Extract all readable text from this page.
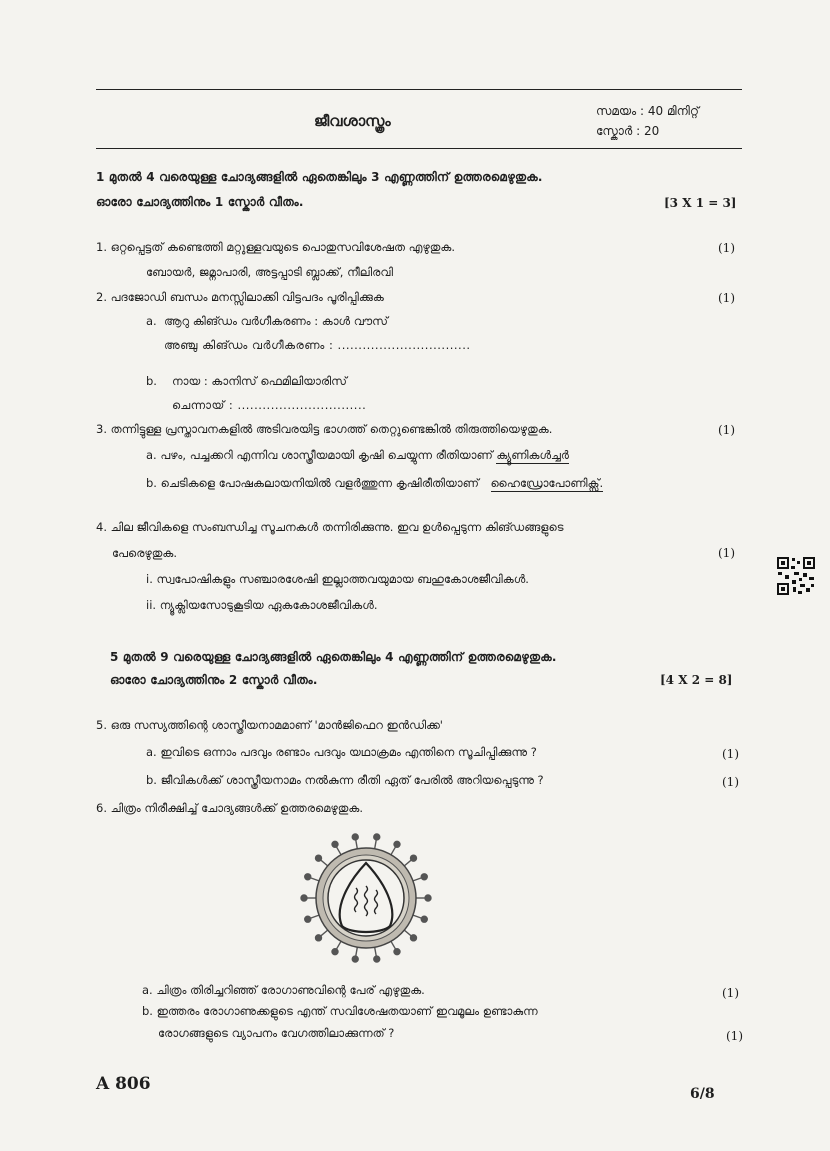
ജീവശാസ്ത്രം
സമയം : 40 മിനിറ്റ്
സ്കോർ : 20
1 മുതൽ 4 വരെയുള്ള ചോദ്യങ്ങളിൽ ഏതെങ്കിലും 3 എണ്ണത്തിന് ഉത്തരമെഴുതുക.
ഓരോ ചോദ്യത്തിനും 1 സ്കോർ വീതം.	[3 X 1 = 3]
1. ഒറ്റപ്പെട്ടത് കണ്ടെത്തി മറ്റുള്ളവയുടെ പൊതുസവിശേഷത എഴുതുക.	(1)
ബോയർ, ജമ്നാപാരി, അട്ടപ്പാടി ബ്ലാക്ക്, നീലിരവി
2. പദജോഡി ബന്ധം മനസ്സിലാക്കി വിട്ടപദം പൂരിപ്പിക്കുക	(1)
a. ആറു കിങ്ഡം വർഗീകരണം : കാൾ വൗസ്
അഞ്ചു കിങ്ഡം വർഗീകരണം : ................................
b. നായ : കാനിസ് ഫെമിലിയാരിസ്
ചെന്നായ് : ...............................
3. തന്നിട്ടുള്ള പ്രസ്താവനകളിൽ അടിവരയിട്ട ഭാഗത്ത് തെറ്റുണ്ടെങ്കിൽ തിരുത്തിയെഴുതുക.	(1)
a. പഴം, പച്ചക്കറി എന്നിവ ശാസ്ത്രീയമായി കൃഷി ചെയ്യുന്ന രീതിയാണ് ക്യൂണികൾച്ചർ
b. ചെടികളെ പോഷകലായനിയിൽ വളർത്തുന്ന കൃഷിരീതിയാണ് ഹൈഡ്രോപോണിക്സ്.
4. ചില ജീവികളെ സംബന്ധിച്ച സൂചനകൾ തന്നിരിക്കുന്നു. ഇവ ഉൾപ്പെടുന്ന കിങ്ഡങ്ങളുടെ
പേരെഴുതുക.	(1)
i. സ്വപോഷികളും സഞ്ചാരശേഷി ഇല്ലാത്തവയുമായ ബഹുകോശജീവികൾ.
ii. ന്യൂക്ലിയസോടുകൂടിയ ഏകകോശജീവികൾ.
5 മുതൽ 9 വരെയുള്ള ചോദ്യങ്ങളിൽ ഏതെങ്കിലും 4 എണ്ണത്തിന് ഉത്തരമെഴുതുക.
ഓരോ ചോദ്യത്തിനും 2 സ്കോർ വീതം.	[4 X 2 = 8]
5. ഒരു സസ്യത്തിന്റെ ശാസ്ത്രീയനാമമാണ് 'മാൻജിഫെറ ഇൻഡിക്ക'
a. ഇവിടെ ഒന്നാം പദവും രണ്ടാം പദവും യഥാക്രമം എന്തിനെ സൂചിപ്പിക്കുന്നു ?	(1)
b. ജീവികൾക്ക് ശാസ്ത്രീയനാമം നൽകുന്ന രീതി ഏത് പേരിൽ അറിയപ്പെടുന്നു ?	(1)
6. ചിത്രം നിരീക്ഷിച്ച് ചോദ്യങ്ങൾക്ക് ഉത്തരമെഴുതുക.
a. ചിത്രം തിരിച്ചറിഞ്ഞ് രോഗാണുവിന്റെ പേര് എഴുതുക.	(1)
b. ഇത്തരം രോഗാണുക്കളുടെ എന്ത് സവിശേഷതയാണ് ഇവമൂലം ഉണ്ടാകുന്ന
രോഗങ്ങളുടെ വ്യാപനം വേഗത്തിലാക്കുന്നത് ?	(1)
A 806	6/8
